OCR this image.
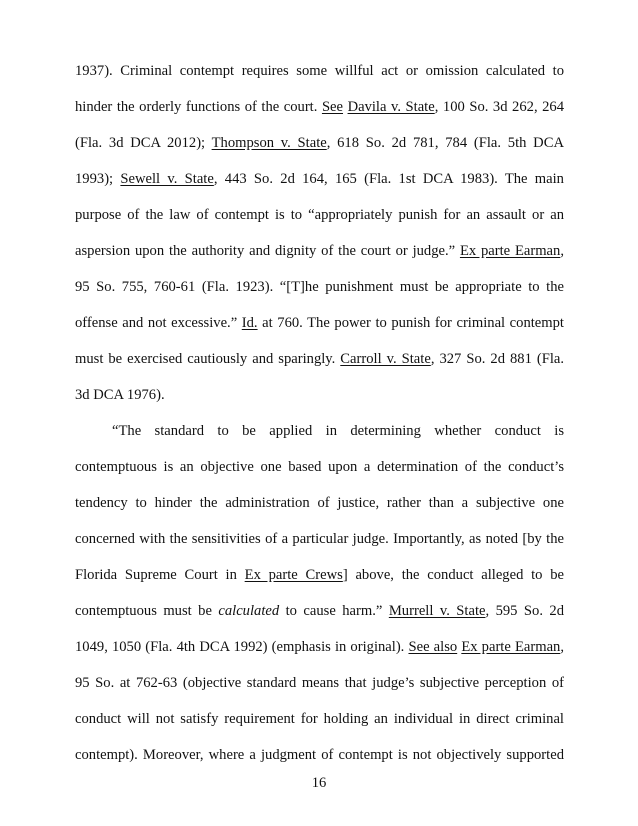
1937). Criminal contempt requires some willful act or omission calculated to
hinder the orderly functions of the court. See Davila v. State, 100 So. 3d 262, 264
(Fla. 3d DCA 2012); Thompson v. State, 618 So. 2d 781, 784 (Fla. 5th DCA
1993); Sewell v. State, 443 So. 2d 164, 165 (Fla. 1st DCA 1983). The main
purpose of the law of contempt is to “appropriately punish for an assault or an
aspersion upon the authority and dignity of the court or judge.” Ex parte Earman,
95 So. 755, 760-61 (Fla. 1923). “[T]he punishment must be appropriate to the
offense and not excessive.” Id. at 760. The power to punish for criminal contempt
must be exercised cautiously and sparingly. Carroll v. State, 327 So. 2d 881 (Fla.
3d DCA 1976).
“The standard to be applied in determining whether conduct is
contemptuous is an objective one based upon a determination of the conduct’s
tendency to hinder the administration of justice, rather than a subjective one
concerned with the sensitivities of a particular judge. Importantly, as noted [by the
Florida Supreme Court in Ex parte Crews] above, the conduct alleged to be
contemptuous must be calculated to cause harm.” Murrell v. State, 595 So. 2d
1049, 1050 (Fla. 4th DCA 1992) (emphasis in original). See also Ex parte Earman,
95 So. at 762-63 (objective standard means that judge’s subjective perception of
conduct will not satisfy requirement for holding an individual in direct criminal
contempt). Moreover, where a judgment of contempt is not objectively supported
16
